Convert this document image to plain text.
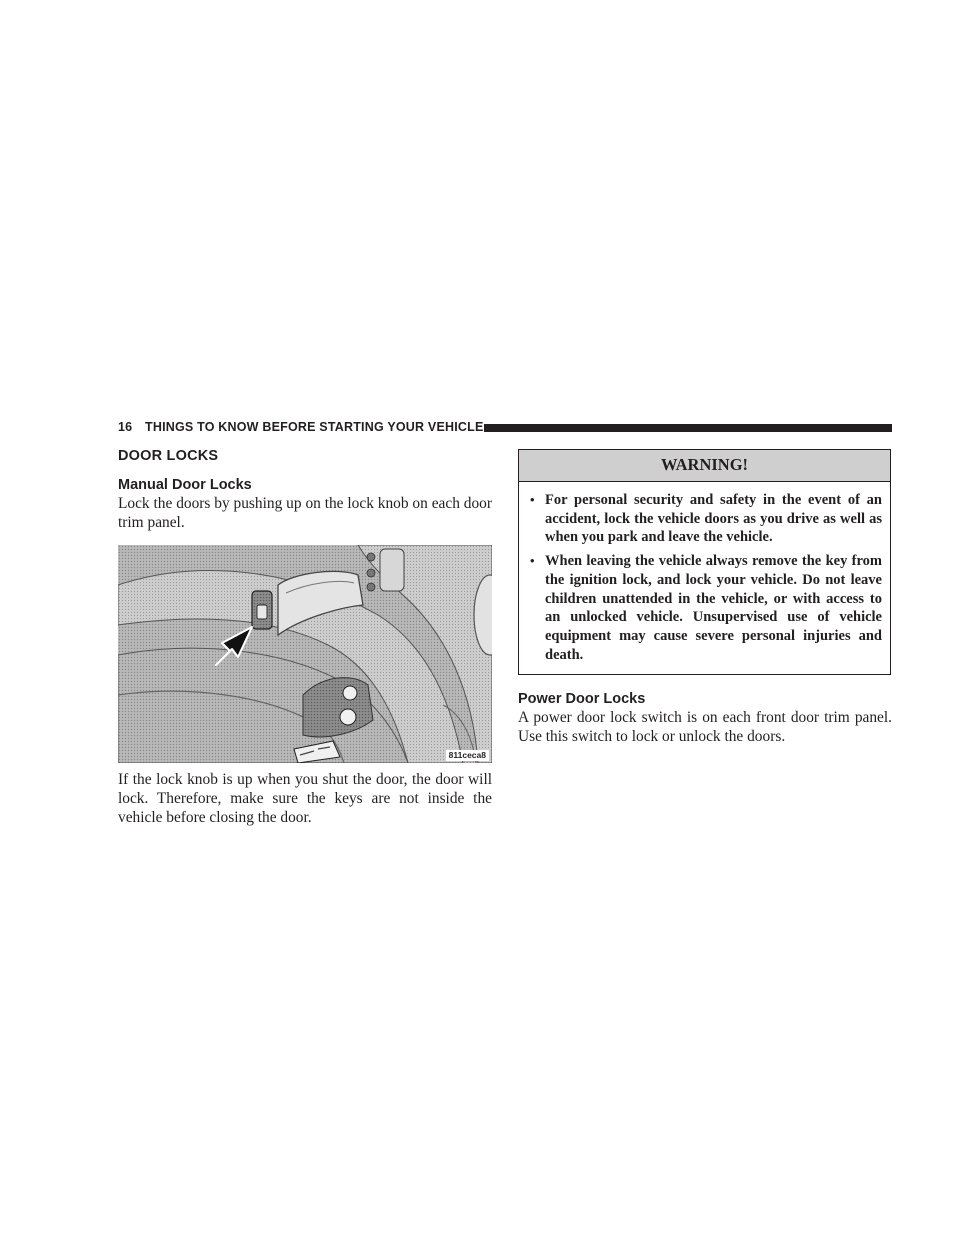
16 THINGS TO KNOW BEFORE STARTING YOUR VEHICLE
DOOR LOCKS
Manual Door Locks

Lock the doors by pushing up on the lock knob on each door trim panel.

811ceca8

If the lock knob is up when you shut the door, the door will lock. Therefore, make sure the keys are not inside the vehicle before closing the door.

WARNING!
• For personal security and safety in the event of an accident, lock the vehicle doors as you drive as well as when you park and leave the vehicle.
• When leaving the vehicle always remove the key from the ignition lock, and lock your vehicle. Do not leave children unattended in the vehicle, or with access to an unlocked vehicle. Unsupervised use of vehicle equipment may cause severe personal injuries and death.
Power Door Locks

A power door lock switch is on each front door trim panel. Use this switch to lock or unlock the doors.
